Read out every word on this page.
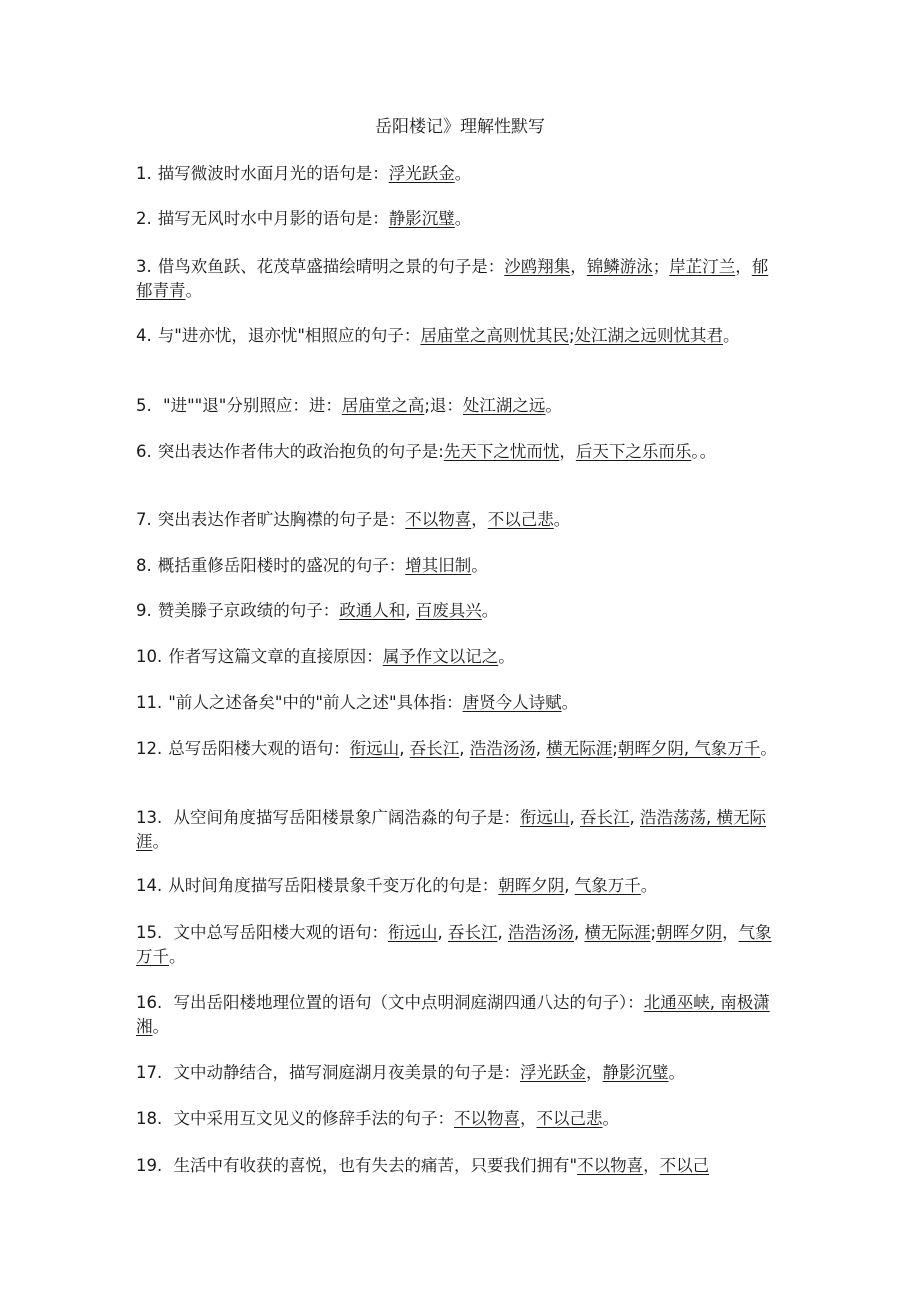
岳阳楼记》理解性默写
1. 描写微波时水面月光的语句是：浮光跃金。
2. 描写无风时水中月影的语句是：静影沉璧。
3. 借鸟欢鱼跃、花茂草盛描绘晴明之景的句子是：沙鸥翔集，锦鳞游泳；岸芷汀兰，郁郁青青。
4. 与"进亦忧，退亦忧"相照应的句子：居庙堂之高则忧其民;处江湖之远则忧其君。
5. "进""退"分别照应：进：居庙堂之高;退：处江湖之远。
6. 突出表达作者伟大的政治抱负的句子是:先天下之忧而忧，后天下之乐而乐。。
7. 突出表达作者旷达胸襟的句子是：不以物喜，不以己悲。
8. 概括重修岳阳楼时的盛况的句子：增其旧制。
9. 赞美滕子京政绩的句子：政通人和, 百废具兴。
10. 作者写这篇文章的直接原因：属予作文以记之。
11. "前人之述备矣"中的"前人之述"具体指：唐贤今人诗赋。
12. 总写岳阳楼大观的语句：衔远山, 吞长江, 浩浩汤汤, 横无际涯;朝晖夕阴, 气象万千。
13. 从空间角度描写岳阳楼景象广阔浩淼的句子是：衔远山, 吞长江, 浩浩荡荡, 横无际涯。
14. 从时间角度描写岳阳楼景象千变万化的句是：朝晖夕阴, 气象万千。
15. 文中总写岳阳楼大观的语句：衔远山, 吞长江, 浩浩汤汤, 横无际涯;朝晖夕阴，气象万千。
16. 写出岳阳楼地理位置的语句（文中点明洞庭湖四通八达的句子）：北通巫峡, 南极潇湘。
17. 文中动静结合，描写洞庭湖月夜美景的句子是：浮光跃金，静影沉璧。
18. 文中采用互文见义的修辞手法的句子：不以物喜，不以己悲。
19. 生活中有收获的喜悦，也有失去的痛苦，只要我们拥有"不以物喜，不以己
